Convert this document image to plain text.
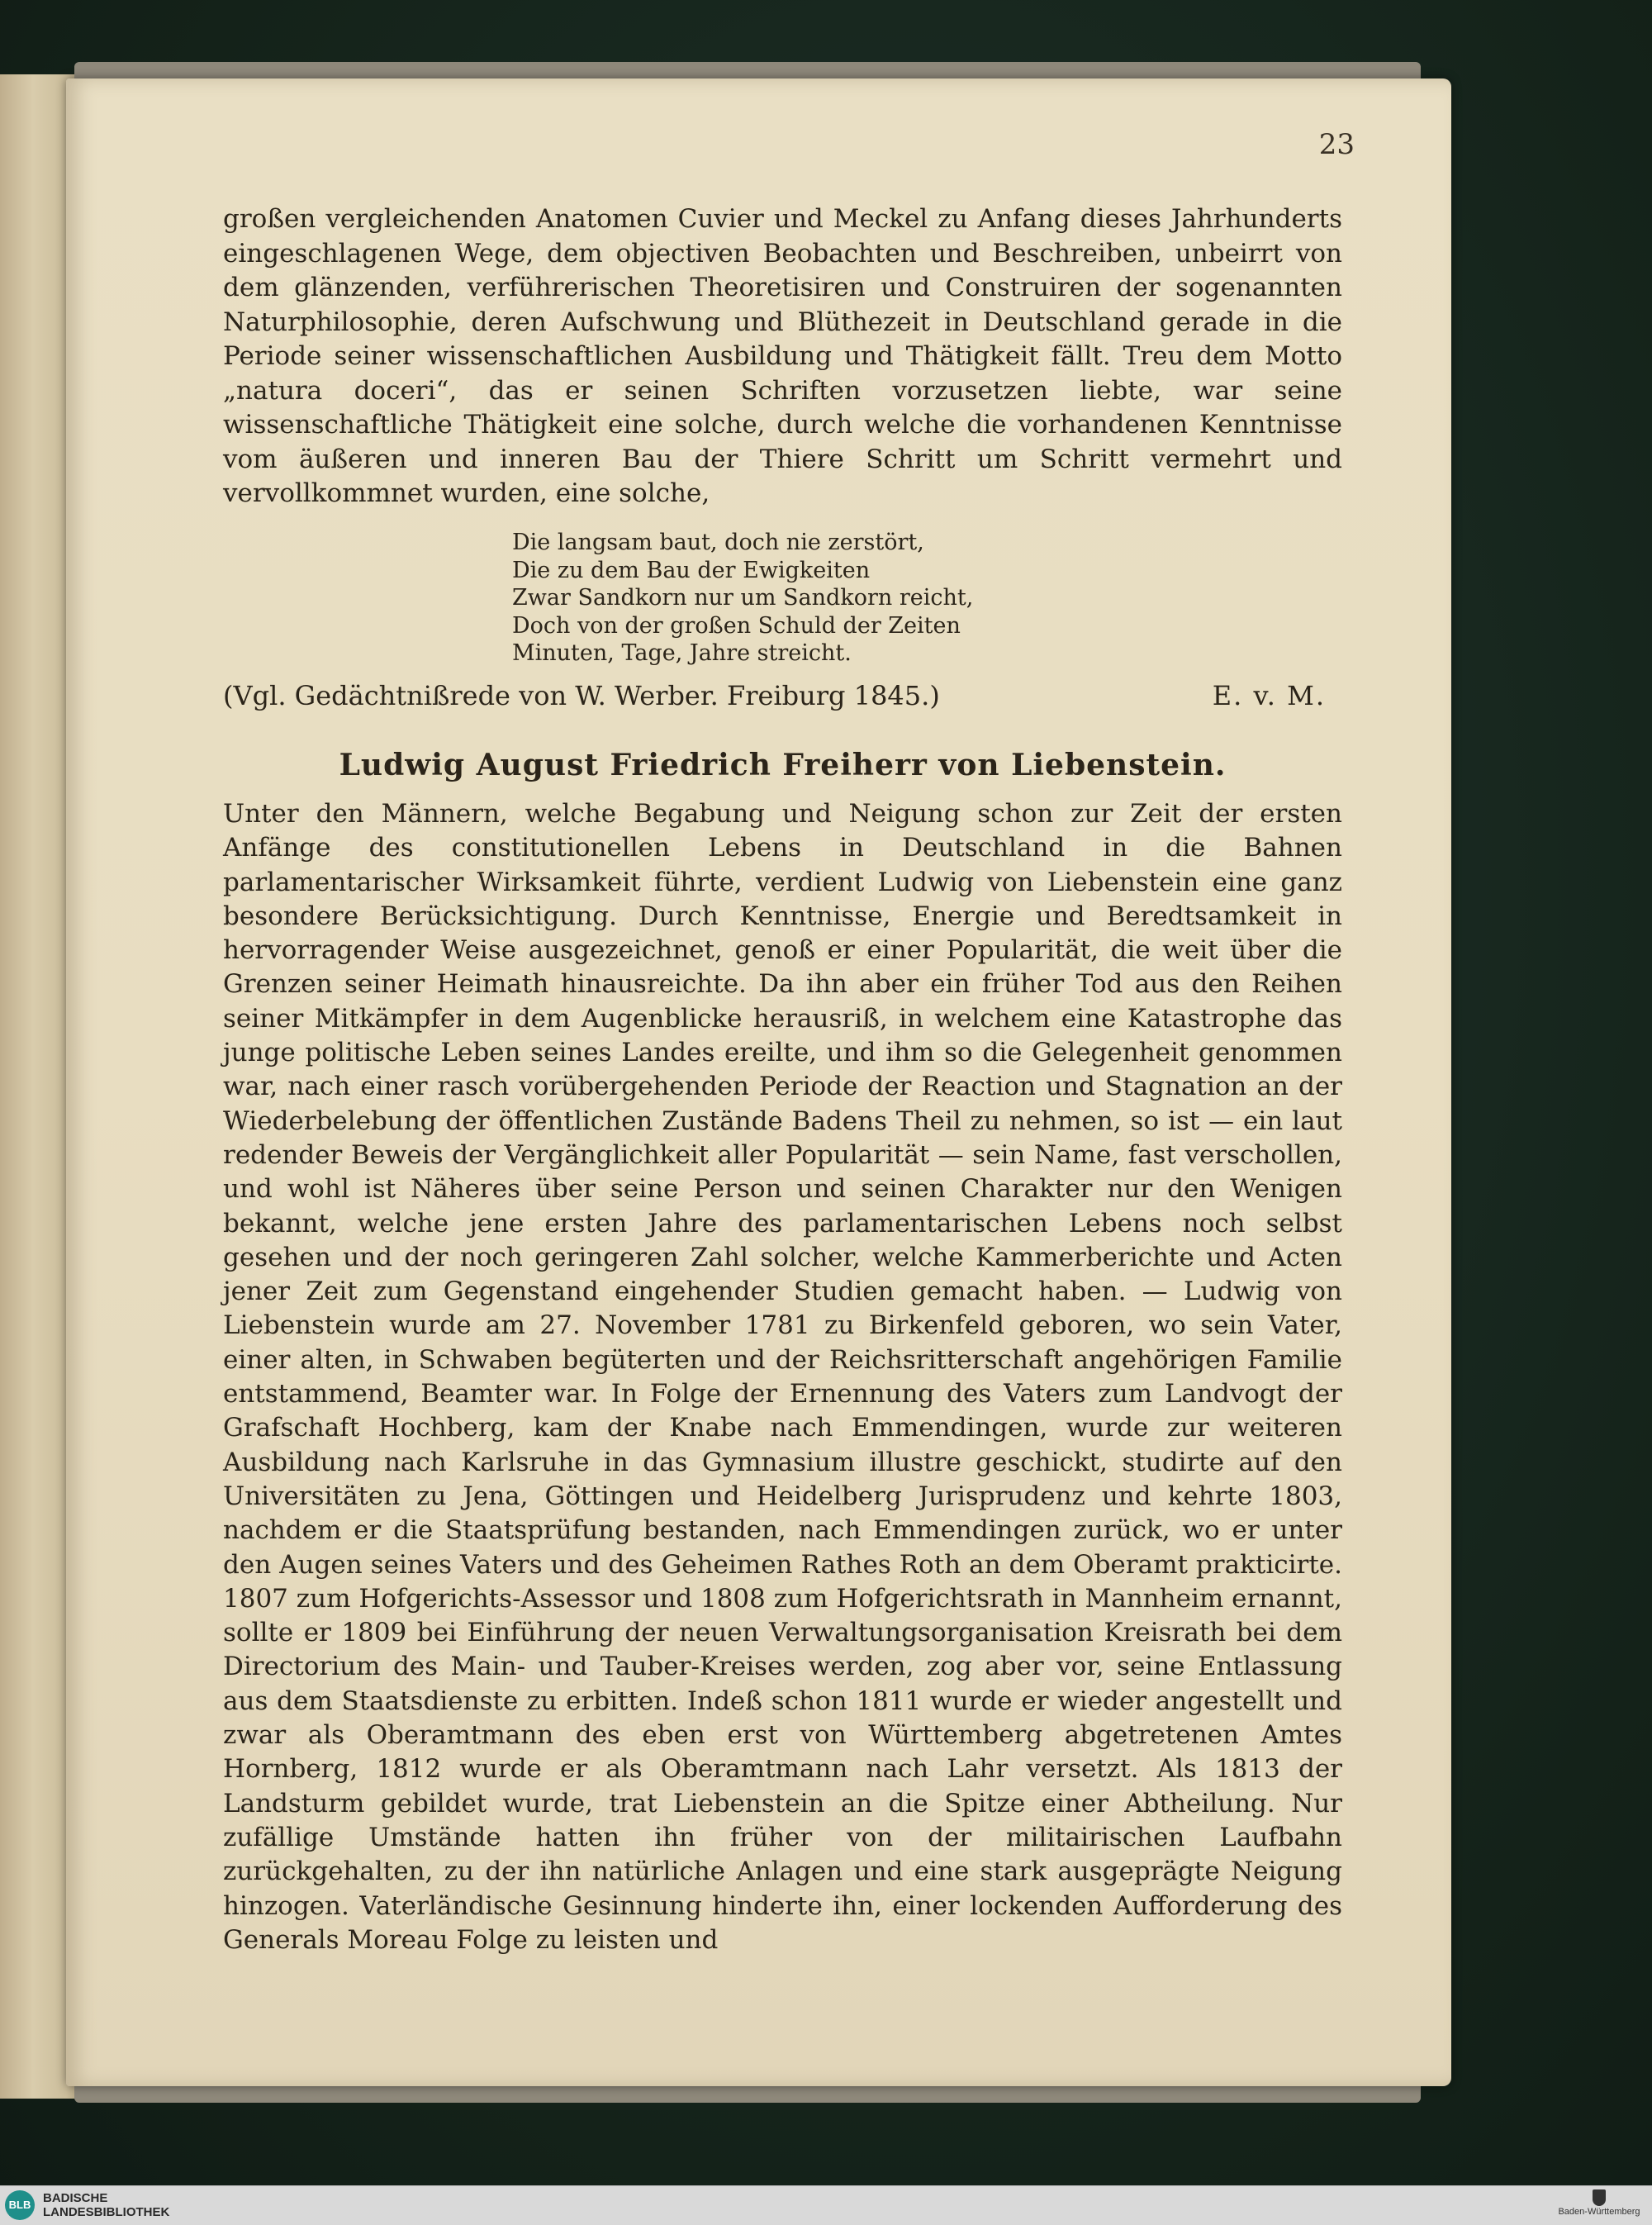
23
großen vergleichenden Anatomen Cuvier und Meckel zu Anfang dieses Jahrhunderts eingeschlagenen Wege, dem objectiven Beobachten und Beschreiben, unbeirrt von dem glänzenden, verführerischen Theoretisiren und Construiren der sogenannten Naturphilosophie, deren Aufschwung und Blüthezeit in Deutschland gerade in die Periode seiner wissenschaftlichen Ausbildung und Thätigkeit fällt. Treu dem Motto „natura doceri“, das er seinen Schriften vorzusetzen liebte, war seine wissenschaftliche Thätigkeit eine solche, durch welche die vorhandenen Kenntnisse vom äußeren und inneren Bau der Thiere Schritt um Schritt vermehrt und vervollkommnet wurden, eine solche,
Die langsam baut, doch nie zerstört,
Die zu dem Bau der Ewigkeiten
Zwar Sandkorn nur um Sandkorn reicht,
Doch von der großen Schuld der Zeiten
Minuten, Tage, Jahre streicht.
(Vgl. Gedächtnißrede von W. Werber. Freiburg 1845.)	E. v. M.
Ludwig August Friedrich Freiherr von Liebenstein.
Unter den Männern, welche Begabung und Neigung schon zur Zeit der ersten Anfänge des constitutionellen Lebens in Deutschland in die Bahnen parlamentarischer Wirksamkeit führte, verdient Ludwig von Liebenstein eine ganz besondere Berücksichtigung. Durch Kenntnisse, Energie und Beredtsamkeit in hervorragender Weise ausgezeichnet, genoß er einer Popularität, die weit über die Grenzen seiner Heimath hinausreichte. Da ihn aber ein früher Tod aus den Reihen seiner Mitkämpfer in dem Augenblicke herausriß, in welchem eine Katastrophe das junge politische Leben seines Landes ereilte, und ihm so die Gelegenheit genommen war, nach einer rasch vorübergehenden Periode der Reaction und Stagnation an der Wiederbelebung der öffentlichen Zustände Badens Theil zu nehmen, so ist — ein laut redender Beweis der Vergänglichkeit aller Popularität — sein Name, fast verschollen, und wohl ist Näheres über seine Person und seinen Charakter nur den Wenigen bekannt, welche jene ersten Jahre des parlamentarischen Lebens noch selbst gesehen und der noch geringeren Zahl solcher, welche Kammerberichte und Acten jener Zeit zum Gegenstand eingehender Studien gemacht haben. — Ludwig von Liebenstein wurde am 27. November 1781 zu Birkenfeld geboren, wo sein Vater, einer alten, in Schwaben begüterten und der Reichsritterschaft angehörigen Familie entstammend, Beamter war. In Folge der Ernennung des Vaters zum Landvogt der Grafschaft Hochberg, kam der Knabe nach Emmendingen, wurde zur weiteren Ausbildung nach Karlsruhe in das Gymnasium illustre geschickt, studirte auf den Universitäten zu Jena, Göttingen und Heidelberg Jurisprudenz und kehrte 1803, nachdem er die Staatsprüfung bestanden, nach Emmendingen zurück, wo er unter den Augen seines Vaters und des Geheimen Rathes Roth an dem Oberamt prakticirte. 1807 zum Hofgerichts-Assessor und 1808 zum Hofgerichtsrath in Mannheim ernannt, sollte er 1809 bei Einführung der neuen Verwaltungsorganisation Kreisrath bei dem Directorium des Main- und Tauber-Kreises werden, zog aber vor, seine Entlassung aus dem Staatsdienste zu erbitten. Indeß schon 1811 wurde er wieder angestellt und zwar als Oberamtmann des eben erst von Württemberg abgetretenen Amtes Hornberg, 1812 wurde er als Oberamtmann nach Lahr versetzt. Als 1813 der Landsturm gebildet wurde, trat Liebenstein an die Spitze einer Abtheilung. Nur zufällige Umstände hatten ihn früher von der militairischen Laufbahn zurückgehalten, zu der ihn natürliche Anlagen und eine stark ausgeprägte Neigung hinzogen. Vaterländische Gesinnung hinderte ihn, einer lockenden Aufforderung des Generals Moreau Folge zu leisten und
BLB BADISCHE
LANDESBIBLIOTHEK	Baden-Württemberg
